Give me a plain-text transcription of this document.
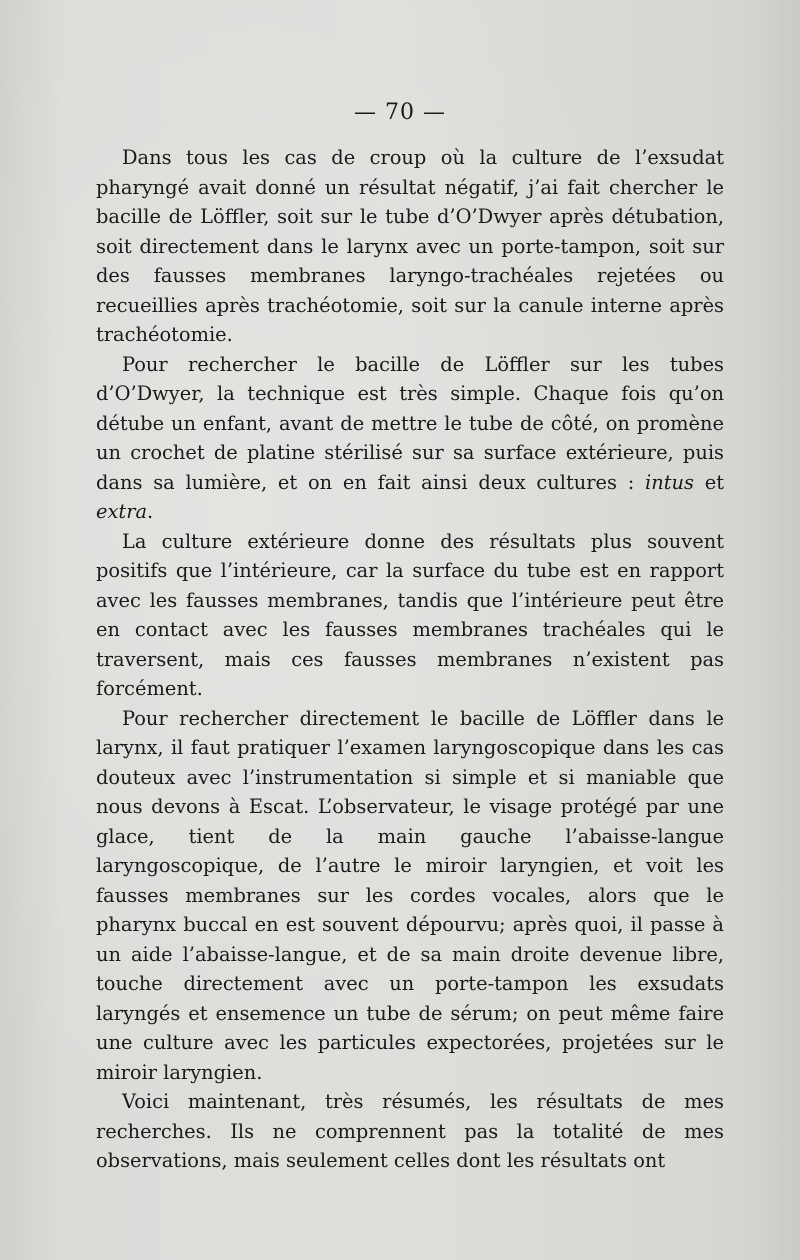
— 70 —

Dans tous les cas de croup où la culture de l’exsudat pharyngé avait donné un résultat négatif, j’ai fait chercher le bacille de Löffler, soit sur le tube d’O’Dwyer après détubation, soit directement dans le larynx avec un porte-tampon, soit sur des fausses membranes laryngo-trachéales rejetées ou recueillies après trachéotomie, soit sur la canule interne après trachéotomie.

Pour rechercher le bacille de Löffler sur les tubes d’O’Dwyer, la technique est très simple. Chaque fois qu’on détube un enfant, avant de mettre le tube de côté, on promène un crochet de platine stérilisé sur sa surface extérieure, puis dans sa lumière, et on en fait ainsi deux cultures : intus et extra.

La culture extérieure donne des résultats plus souvent positifs que l’intérieure, car la surface du tube est en rapport avec les fausses membranes, tandis que l’intérieure peut être en contact avec les fausses membranes trachéales qui le traversent, mais ces fausses membranes n’existent pas forcément.

Pour rechercher directement le bacille de Löffler dans le larynx, il faut pratiquer l’examen laryngoscopique dans les cas douteux avec l’instrumentation si simple et si maniable que nous devons à Escat. L’observateur, le visage protégé par une glace, tient de la main gauche l’abaisse-langue laryngoscopique, de l’autre le miroir laryngien, et voit les fausses membranes sur les cordes vocales, alors que le pharynx buccal en est souvent dépourvu; après quoi, il passe à un aide l’abaisse-langue, et de sa main droite devenue libre, touche directement avec un porte-tampon les exsudats laryngés et ensemence un tube de sérum; on peut même faire une culture avec les particules expectorées, projetées sur le miroir laryngien.

Voici maintenant, très résumés, les résultats de mes recherches. Ils ne comprennent pas la totalité de mes observations, mais seulement celles dont les résultats ont
